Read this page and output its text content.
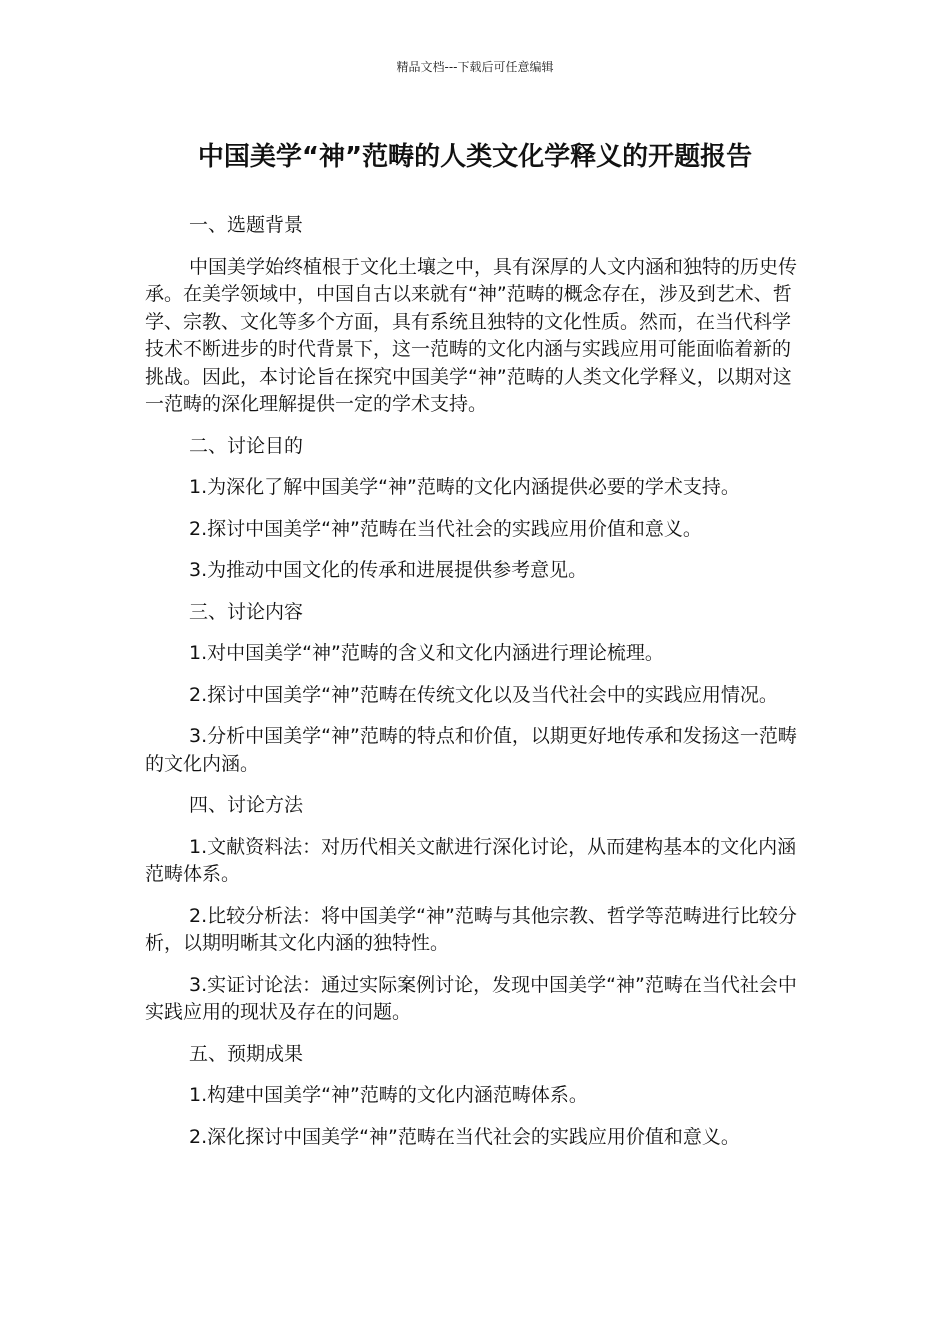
精品文档---下载后可任意编辑
中国美学“神”范畴的人类文化学释义的开题报告

一、选题背景

中国美学始终植根于文化土壤之中，具有深厚的人文内涵和独特的历史传承。在美学领域中，中国自古以来就有“神”范畴的概念存在，涉及到艺术、哲学、宗教、文化等多个方面，具有系统且独特的文化性质。然而，在当代科学技术不断进步的时代背景下，这一范畴的文化内涵与实践应用可能面临着新的挑战。因此，本讨论旨在探究中国美学“神”范畴的人类文化学释义，以期对这一范畴的深化理解提供一定的学术支持。

二、讨论目的

1.为深化了解中国美学“神”范畴的文化内涵提供必要的学术支持。

2.探讨中国美学“神”范畴在当代社会的实践应用价值和意义。

3.为推动中国文化的传承和进展提供参考意见。

三、讨论内容

1.对中国美学“神”范畴的含义和文化内涵进行理论梳理。

2.探讨中国美学“神”范畴在传统文化以及当代社会中的实践应用情况。

3.分析中国美学“神”范畴的特点和价值，以期更好地传承和发扬这一范畴的文化内涵。

四、讨论方法

1.文献资料法：对历代相关文献进行深化讨论，从而建构基本的文化内涵范畴体系。

2.比较分析法：将中国美学“神”范畴与其他宗教、哲学等范畴进行比较分析，以期明晰其文化内涵的独特性。

3.实证讨论法：通过实际案例讨论，发现中国美学“神”范畴在当代社会中实践应用的现状及存在的问题。

五、预期成果

1.构建中国美学“神”范畴的文化内涵范畴体系。

2.深化探讨中国美学“神”范畴在当代社会的实践应用价值和意义。
